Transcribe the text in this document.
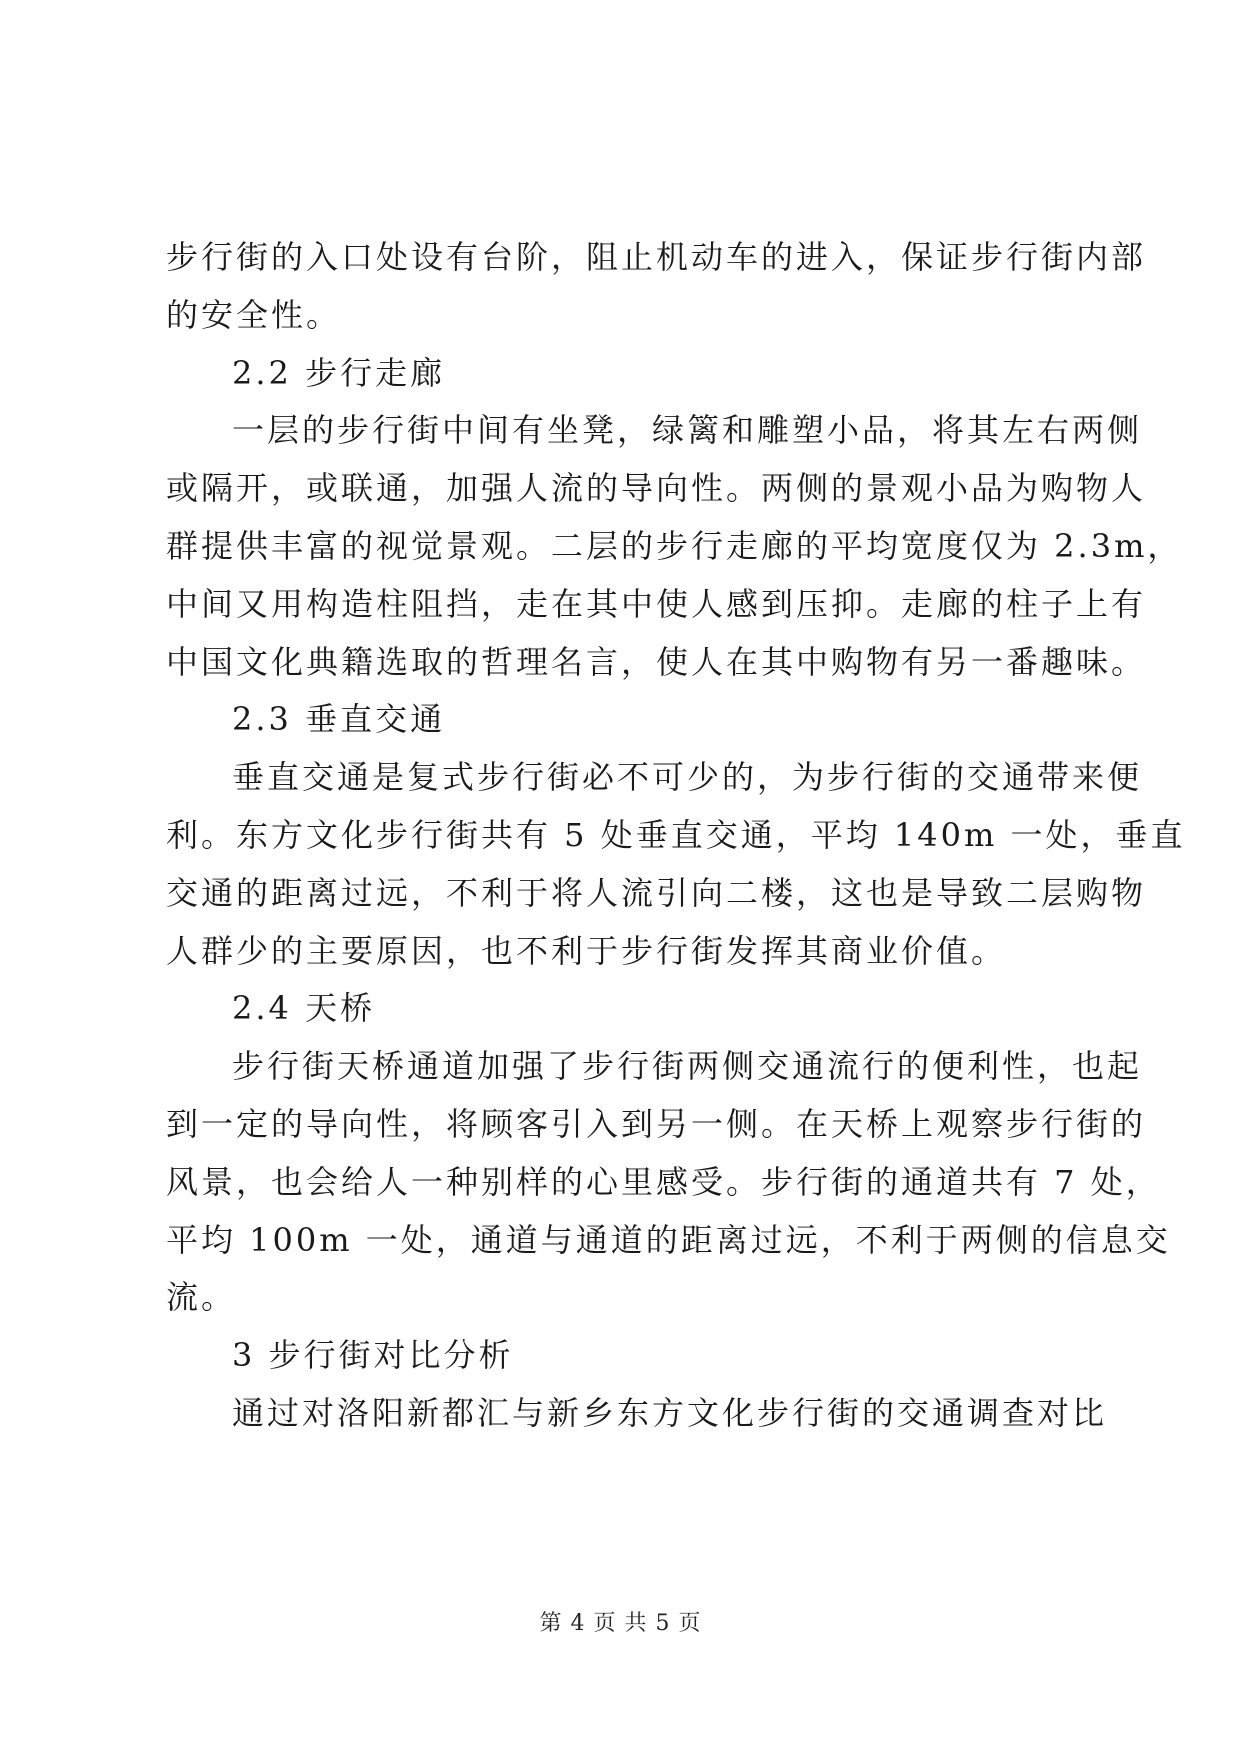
步行街的入口处设有台阶，阻止机动车的进入，保证步行街内部
的安全性。
2.2 步行走廊
一层的步行街中间有坐凳，绿篱和雕塑小品，将其左右两侧
或隔开，或联通，加强人流的导向性。两侧的景观小品为购物人
群提供丰富的视觉景观。二层的步行走廊的平均宽度仅为 2.3m，
中间又用构造柱阻挡，走在其中使人感到压抑。走廊的柱子上有
中国文化典籍选取的哲理名言，使人在其中购物有另一番趣味。
2.3 垂直交通
垂直交通是复式步行街必不可少的，为步行街的交通带来便
利。东方文化步行街共有 5 处垂直交通，平均 140m 一处，垂直
交通的距离过远，不利于将人流引向二楼，这也是导致二层购物
人群少的主要原因，也不利于步行街发挥其商业价值。
2.4 天桥
步行街天桥通道加强了步行街两侧交通流行的便利性，也起
到一定的导向性，将顾客引入到另一侧。在天桥上观察步行街的
风景，也会给人一种别样的心里感受。步行街的通道共有 7 处，
平均 100m 一处，通道与通道的距离过远，不利于两侧的信息交
流。
3 步行街对比分析
通过对洛阳新都汇与新乡东方文化步行街的交通调查对比
第 4 页 共 5 页
